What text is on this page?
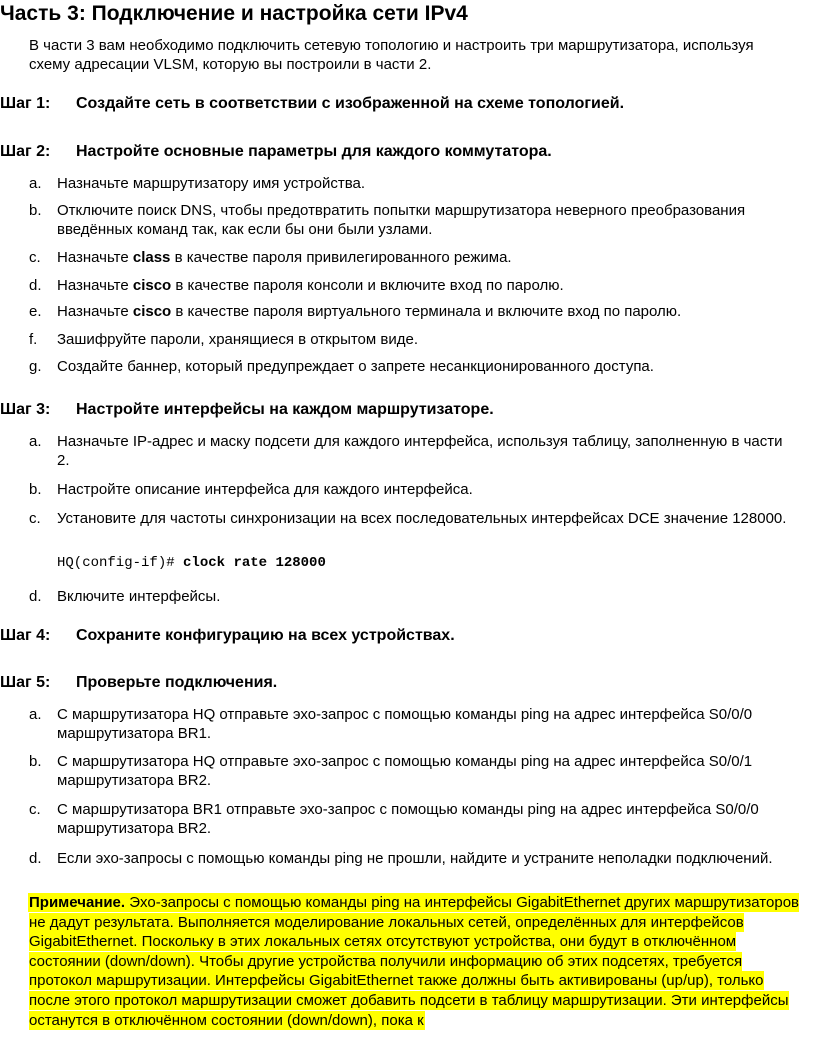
Часть 3: Подключение и настройка сети IPv4
В части 3 вам необходимо подключить сетевую топологию и настроить три маршрутизатора, используя схему адресации VLSM, которую вы построили в части 2.
Шаг 1: Создайте сеть в соответствии с изображенной на схеме топологией.
Шаг 2: Настройте основные параметры для каждого коммутатора.
a. Назначьте маршрутизатору имя устройства.
b. Отключите поиск DNS, чтобы предотвратить попытки маршрутизатора неверного преобразования введённых команд так, как если бы они были узлами.
c. Назначьте class в качестве пароля привилегированного режима.
d. Назначьте cisco в качестве пароля консоли и включите вход по паролю.
e. Назначьте cisco в качестве пароля виртуального терминала и включите вход по паролю.
f. Зашифруйте пароли, хранящиеся в открытом виде.
g. Создайте баннер, который предупреждает о запрете несанкционированного доступа.
Шаг 3: Настройте интерфейсы на каждом маршрутизаторе.
a. Назначьте IP-адрес и маску подсети для каждого интерфейса, используя таблицу, заполненную в части 2.
b. Настройте описание интерфейса для каждого интерфейса.
c. Установите для частоты синхронизации на всех последовательных интерфейсах DCE значение 128000.
HQ(config-if)# clock rate 128000
d. Включите интерфейсы.
Шаг 4: Сохраните конфигурацию на всех устройствах.
Шаг 5: Проверьте подключения.
a. С маршрутизатора HQ отправьте эхо-запрос с помощью команды ping на адрес интерфейса S0/0/0 маршрутизатора BR1.
b. С маршрутизатора HQ отправьте эхо-запрос с помощью команды ping на адрес интерфейса S0/0/1 маршрутизатора BR2.
c. С маршрутизатора BR1 отправьте эхо-запрос с помощью команды ping на адрес интерфейса S0/0/0 маршрутизатора BR2.
d. Если эхо-запросы с помощью команды ping не прошли, найдите и устраните неполадки подключений.
Примечание. Эхо-запросы с помощью команды ping на интерфейсы GigabitEthernet других маршрутизаторов не дадут результата. Выполняется моделирование локальных сетей, определённых для интерфейсов GigabitEthernet. Поскольку в этих локальных сетях отсутствуют устройства, они будут в отключённом состоянии (down/down). Чтобы другие устройства получили информацию об этих подсетях, требуется протокол маршрутизации. Интерфейсы GigabitEthernet также должны быть активированы (up/up), только после этого протокол маршрутизации сможет добавить подсети в таблицу маршрутизации. Эти интерфейсы останутся в отключённом состоянии (down/down), пока к
